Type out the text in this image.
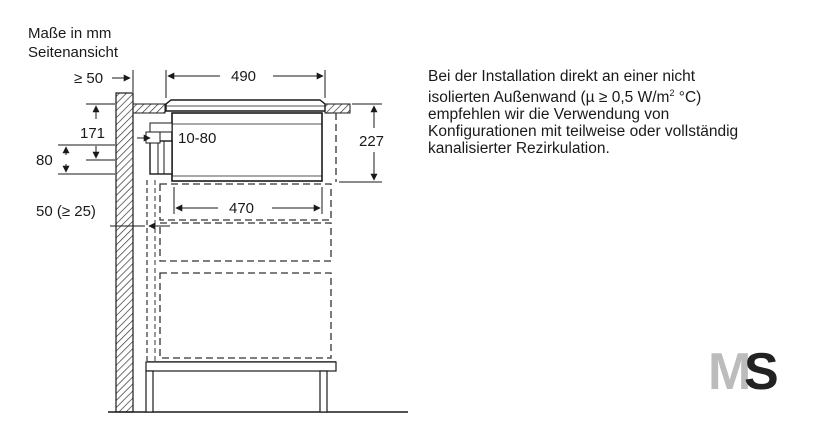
Maße in mm
Seitenansicht
≥ 50	490
171	10-80
80
227
470
50 (≥ 25)
Bei der Installation direkt an einer nicht
isolierten Außenwand (µ ≥ 0,5 $W/m^2$ °C)
empfehlen wir die Verwendung von
Konfigurationen mit teilweise oder vollständig
kanalisierter Rezirkulation.
M
S
